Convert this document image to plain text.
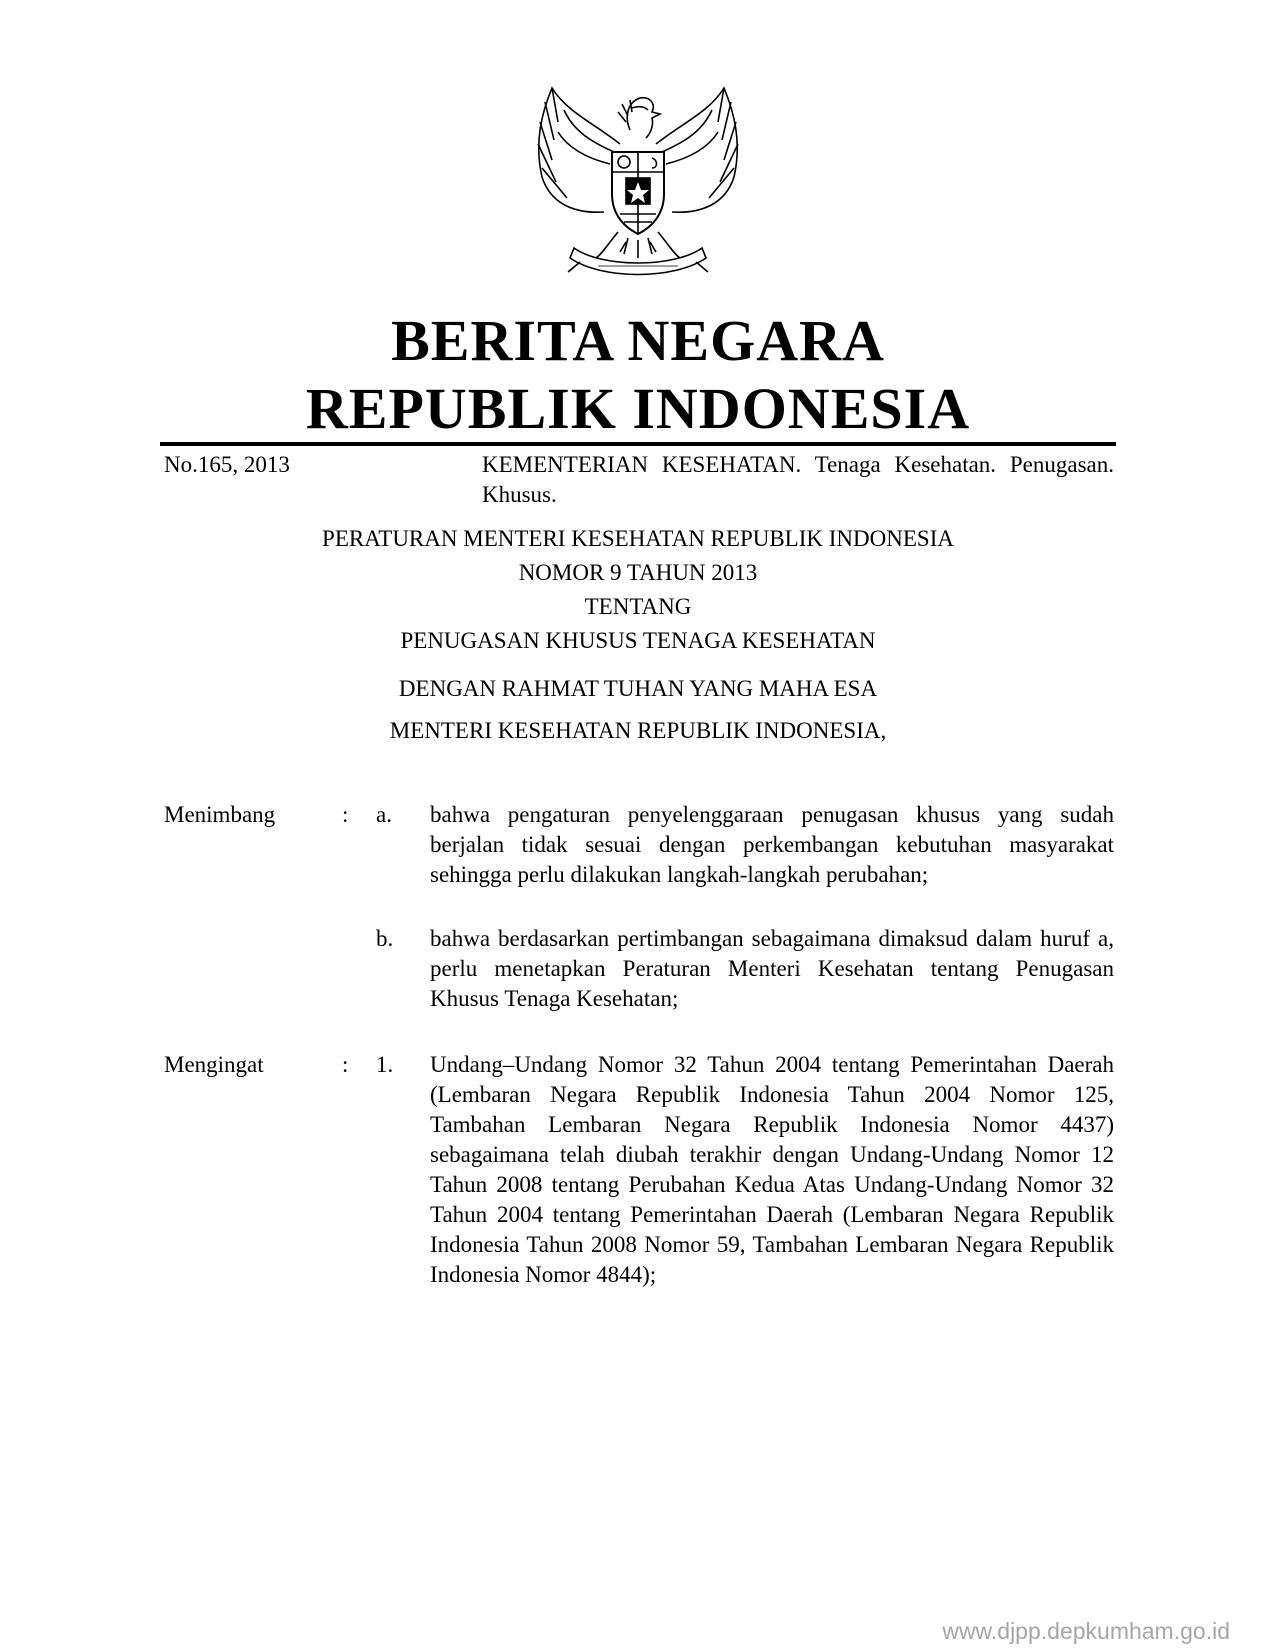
BERITA NEGARA
REPUBLIK INDONESIA
No.165, 2013	KEMENTERIAN KESEHATAN. Tenaga Kesehatan. Penugasan. Khusus.
PERATURAN MENTERI KESEHATAN REPUBLIK INDONESIA
NOMOR 9 TAHUN 2013
TENTANG
PENUGASAN KHUSUS TENAGA KESEHATAN
DENGAN RAHMAT TUHAN YANG MAHA ESA
MENTERI KESEHATAN REPUBLIK INDONESIA,
Menimbang	: a. bahwa pengaturan penyelenggaraan penugasan khusus yang sudah berjalan tidak sesuai dengan perkembangan kebutuhan masyarakat sehingga perlu dilakukan langkah-langkah perubahan;
b. bahwa berdasarkan pertimbangan sebagaimana dimaksud dalam huruf a, perlu menetapkan Peraturan Menteri Kesehatan tentang Penugasan Khusus Tenaga Kesehatan;
Mengingat	: 1. Undang–Undang Nomor 32 Tahun 2004 tentang Pemerintahan Daerah (Lembaran Negara Republik Indonesia Tahun 2004 Nomor 125, Tambahan Lembaran Negara Republik Indonesia Nomor 4437) sebagaimana telah diubah terakhir dengan Undang-Undang Nomor 12 Tahun 2008 tentang Perubahan Kedua Atas Undang-Undang Nomor 32 Tahun 2004 tentang Pemerintahan Daerah (Lembaran Negara Republik Indonesia Tahun 2008 Nomor 59, Tambahan Lembaran Negara Republik Indonesia Nomor 4844);
www.djpp.depkumham.go.id
